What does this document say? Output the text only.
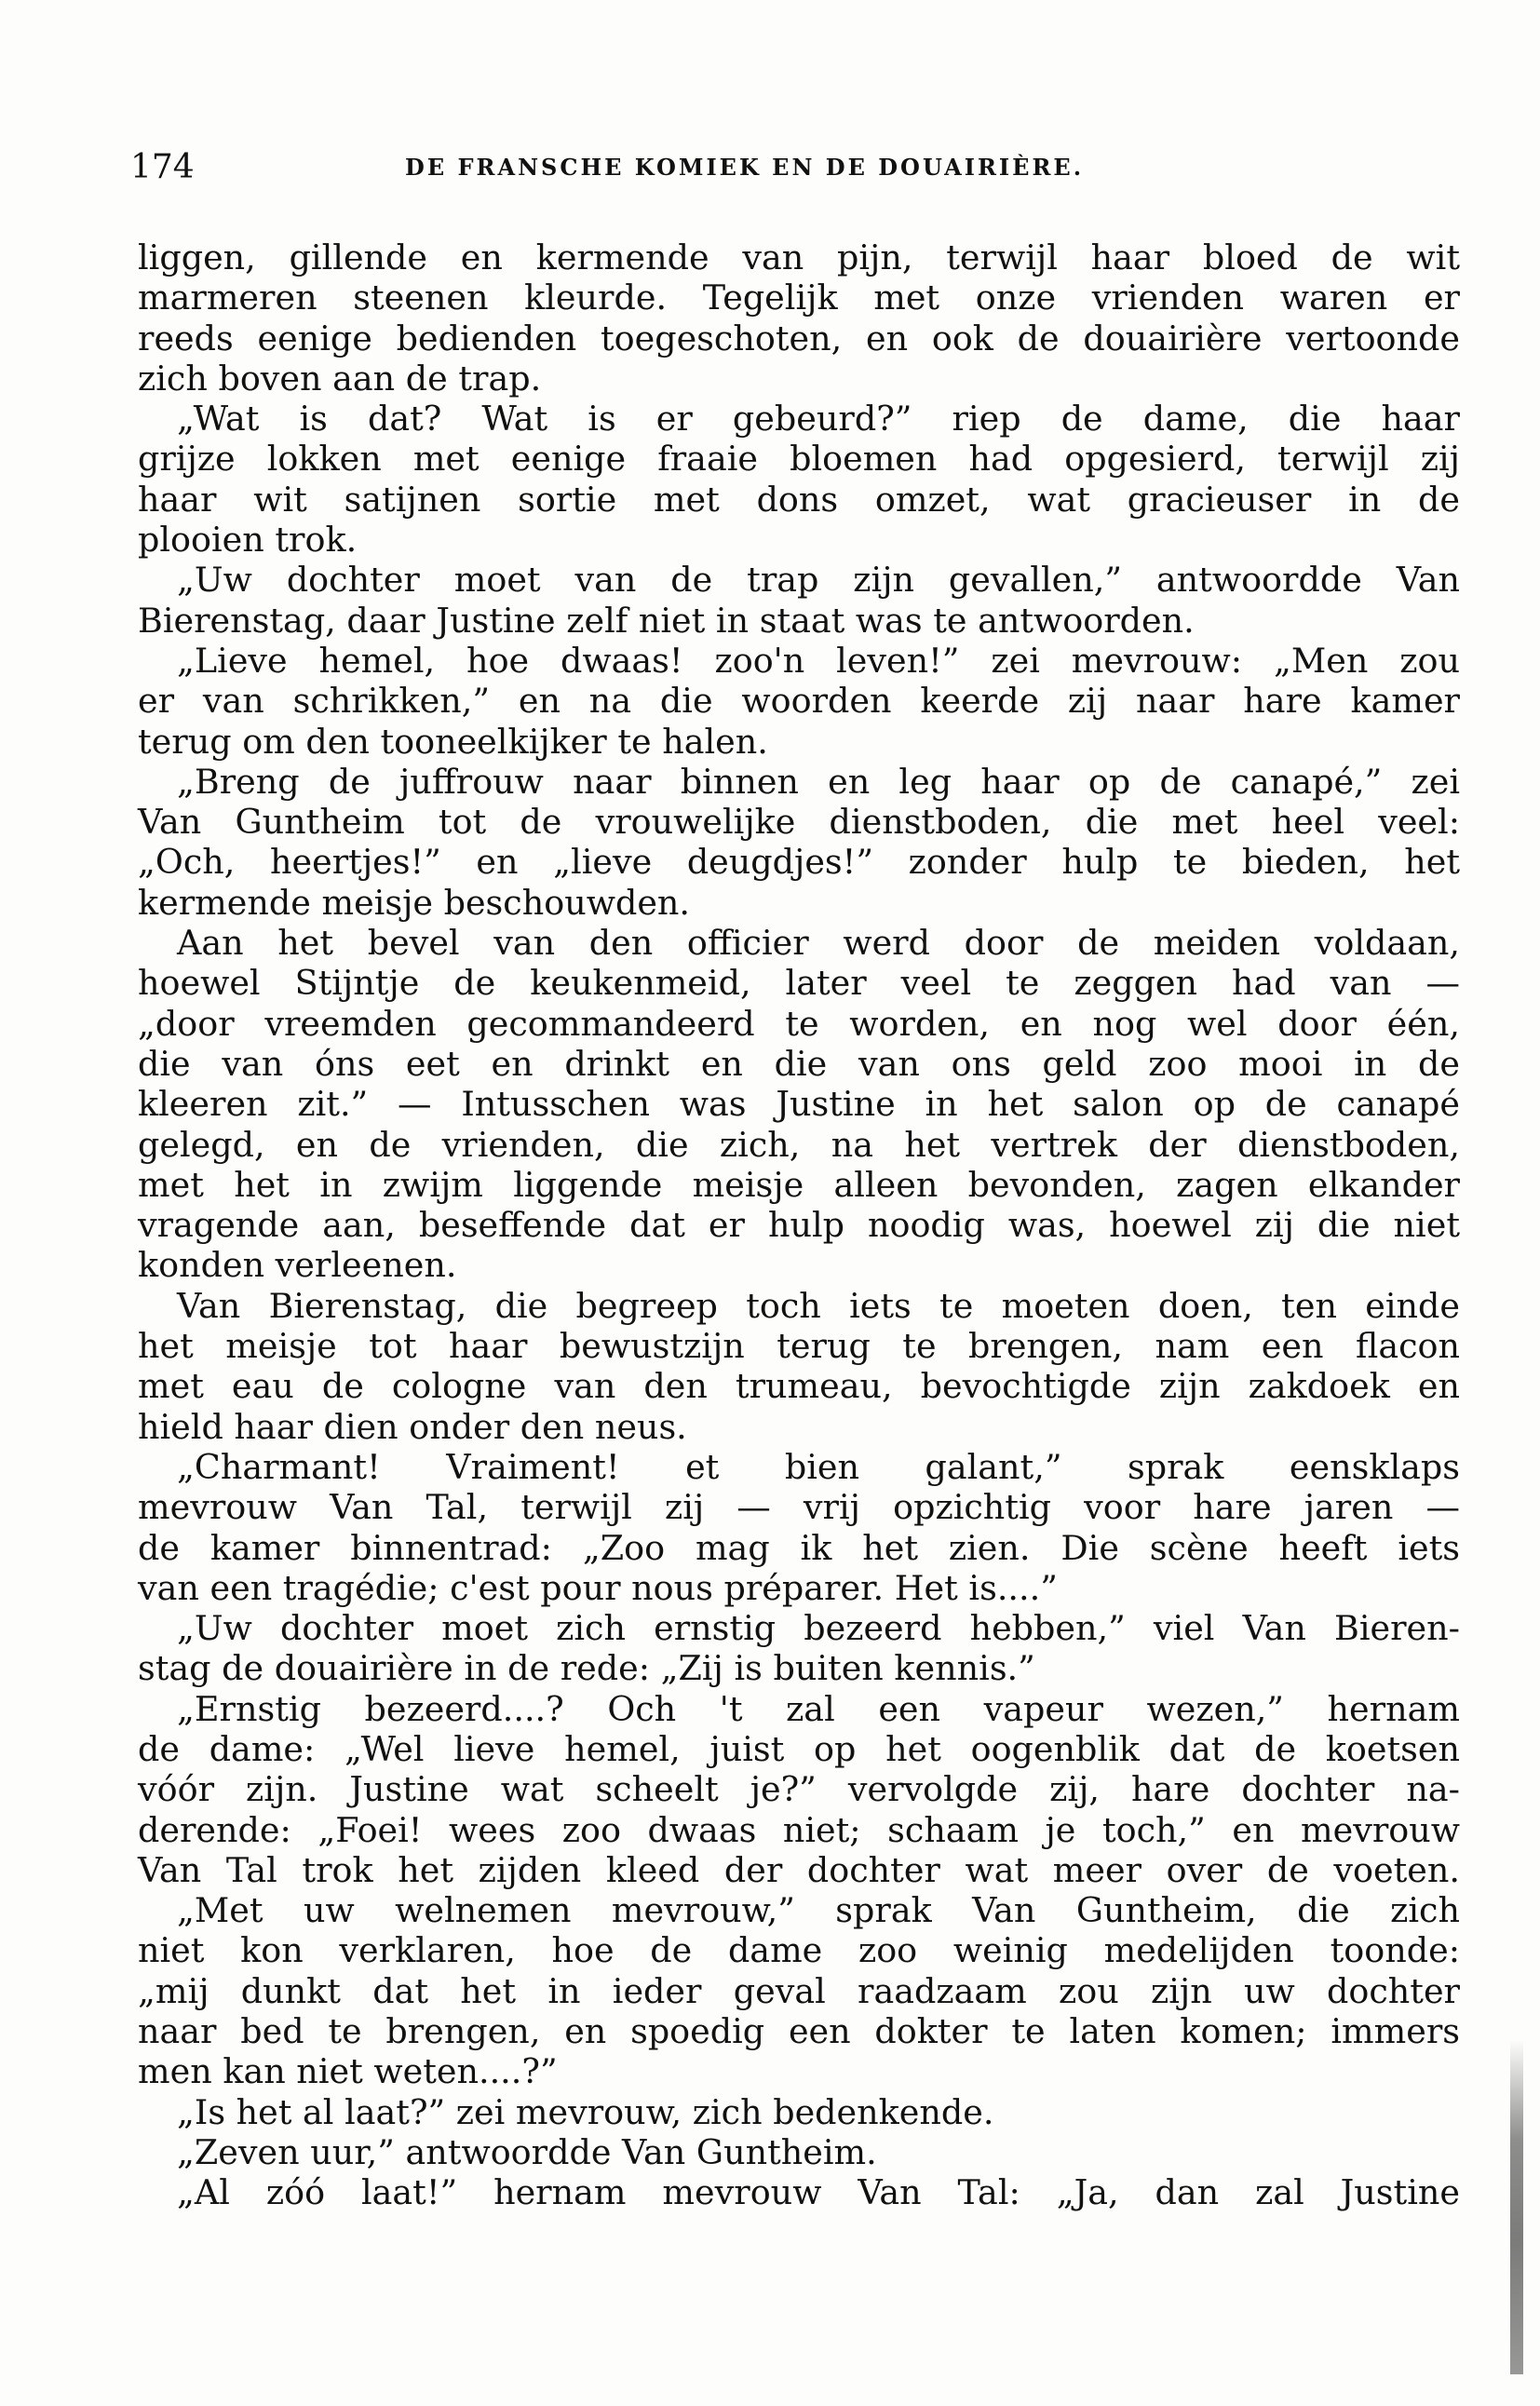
174	DE FRANSCHE KOMIEK EN DE DOUAIRIÈRE.
liggen, gillende en kermende van pijn, terwijl haar bloed de wit
marmeren steenen kleurde. Tegelijk met onze vrienden waren er
reeds eenige bedienden toegeschoten, en ook de douairière vertoonde
zich boven aan de trap.
„Wat is dat? Wat is er gebeurd?” riep de dame, die haar
grijze lokken met eenige fraaie bloemen had opgesierd, terwijl zij
haar wit satijnen sortie met dons omzet, wat gracieuser in de
plooien trok.
„Uw dochter moet van de trap zijn gevallen,” antwoordde Van
Bierenstag, daar Justine zelf niet in staat was te antwoorden.
„Lieve hemel, hoe dwaas! zoo'n leven!” zei mevrouw: „Men zou
er van schrikken,” en na die woorden keerde zij naar hare kamer
terug om den tooneelkijker te halen.
„Breng de juffrouw naar binnen en leg haar op de canapé,” zei
Van Guntheim tot de vrouwelijke dienstboden, die met heel veel:
„Och, heertjes!” en „lieve deugdjes!” zonder hulp te bieden, het
kermende meisje beschouwden.
Aan het bevel van den officier werd door de meiden voldaan,
hoewel Stijntje de keukenmeid, later veel te zeggen had van —
„door vreemden gecommandeerd te worden, en nog wel door één,
die van óns eet en drinkt en die van ons geld zoo mooi in de
kleeren zit.” — Intusschen was Justine in het salon op de canapé
gelegd, en de vrienden, die zich, na het vertrek der dienstboden,
met het in zwijm liggende meisje alleen bevonden, zagen elkander
vragende aan, beseffende dat er hulp noodig was, hoewel zij die niet
konden verleenen.
Van Bierenstag, die begreep toch iets te moeten doen, ten einde
het meisje tot haar bewustzijn terug te brengen, nam een flacon
met eau de cologne van den trumeau, bevochtigde zijn zakdoek en
hield haar dien onder den neus.
„Charmant! Vraiment! et bien galant,” sprak eensklaps
mevrouw Van Tal, terwijl zij — vrij opzichtig voor hare jaren —
de kamer binnentrad: „Zoo mag ik het zien. Die scène heeft iets
van een tragédie; c'est pour nous préparer. Het is....”
„Uw dochter moet zich ernstig bezeerd hebben,” viel Van Bieren-
stag de douairière in de rede: „Zij is buiten kennis.”
„Ernstig bezeerd....? Och 't zal een vapeur wezen,” hernam
de dame: „Wel lieve hemel, juist op het oogenblik dat de koetsen
vóór zijn. Justine wat scheelt je?” vervolgde zij, hare dochter na-
derende: „Foei! wees zoo dwaas niet; schaam je toch,” en mevrouw
Van Tal trok het zijden kleed der dochter wat meer over de voeten.
„Met uw welnemen mevrouw,” sprak Van Guntheim, die zich
niet kon verklaren, hoe de dame zoo weinig medelijden toonde:
„mij dunkt dat het in ieder geval raadzaam zou zijn uw dochter
naar bed te brengen, en spoedig een dokter te laten komen; immers
men kan niet weten....?”
„Is het al laat?” zei mevrouw, zich bedenkende.
„Zeven uur,” antwoordde Van Guntheim.
„Al zóó laat!” hernam mevrouw Van Tal: „Ja, dan zal Justine
